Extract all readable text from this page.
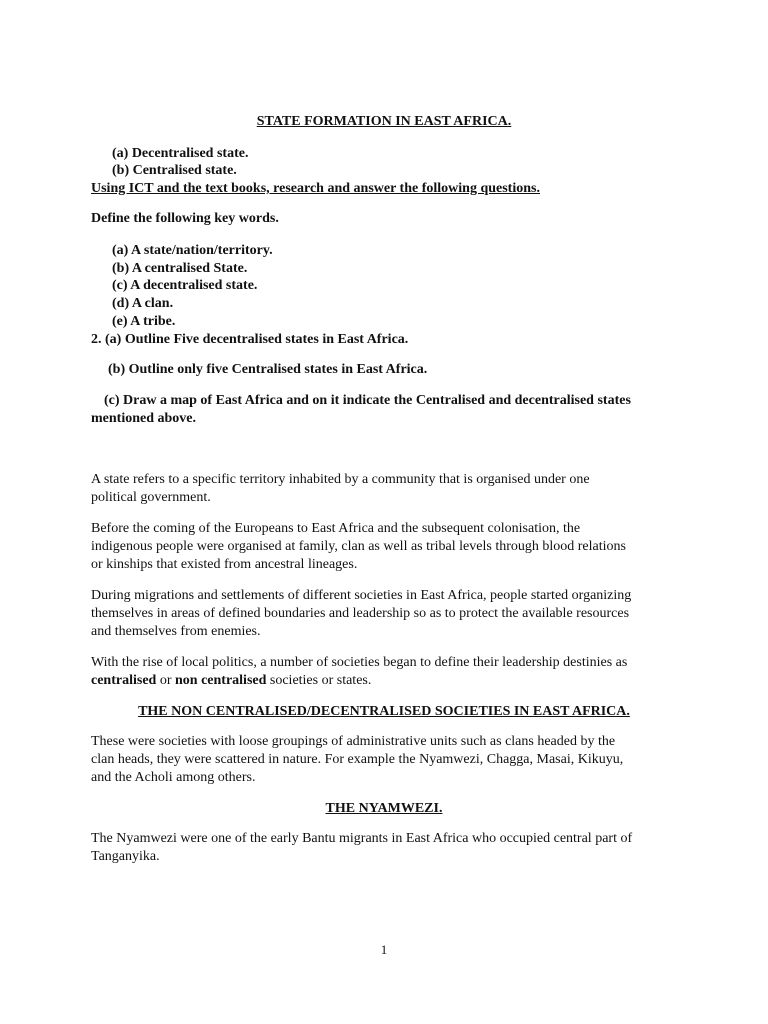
STATE FORMATION IN EAST AFRICA.

(a) Decentralised state.

(b) Centralised state.

Using ICT and the text books, research and answer the following questions.

Define the following key words.

(a) A state/nation/territory.

(b) A centralised State.

(c) A decentralised state.

(d) A clan.

(e) A tribe.

2. (a) Outline Five decentralised states in East Africa.

(b) Outline only five Centralised states in East Africa.

(c) Draw a map of East Africa and on it indicate the Centralised and decentralised states

mentioned above.

A state refers to a specific territory inhabited by a community that is organised under one

political government.

Before the coming of the Europeans to East Africa and the subsequent colonisation, the

indigenous people were organised at family, clan as well as tribal levels through blood relations

or kinships that existed from ancestral lineages.

During migrations and settlements of different societies in East Africa, people started organizing

themselves in areas of defined boundaries and leadership so as to protect the available resources

and themselves from enemies.

With the rise of local politics, a number of societies began to define their leadership destinies as

centralised or non centralised societies or states.

THE NON CENTRALISED/DECENTRALISED SOCIETIES IN EAST AFRICA.

These were societies with loose groupings of administrative units such as clans headed by the

clan heads, they were scattered in nature. For example the Nyamwezi, Chagga, Masai, Kikuyu,

and the Acholi among others.

THE NYAMWEZI.

The Nyamwezi were one of the early Bantu migrants in East Africa who occupied central part of

Tanganyika.

1
